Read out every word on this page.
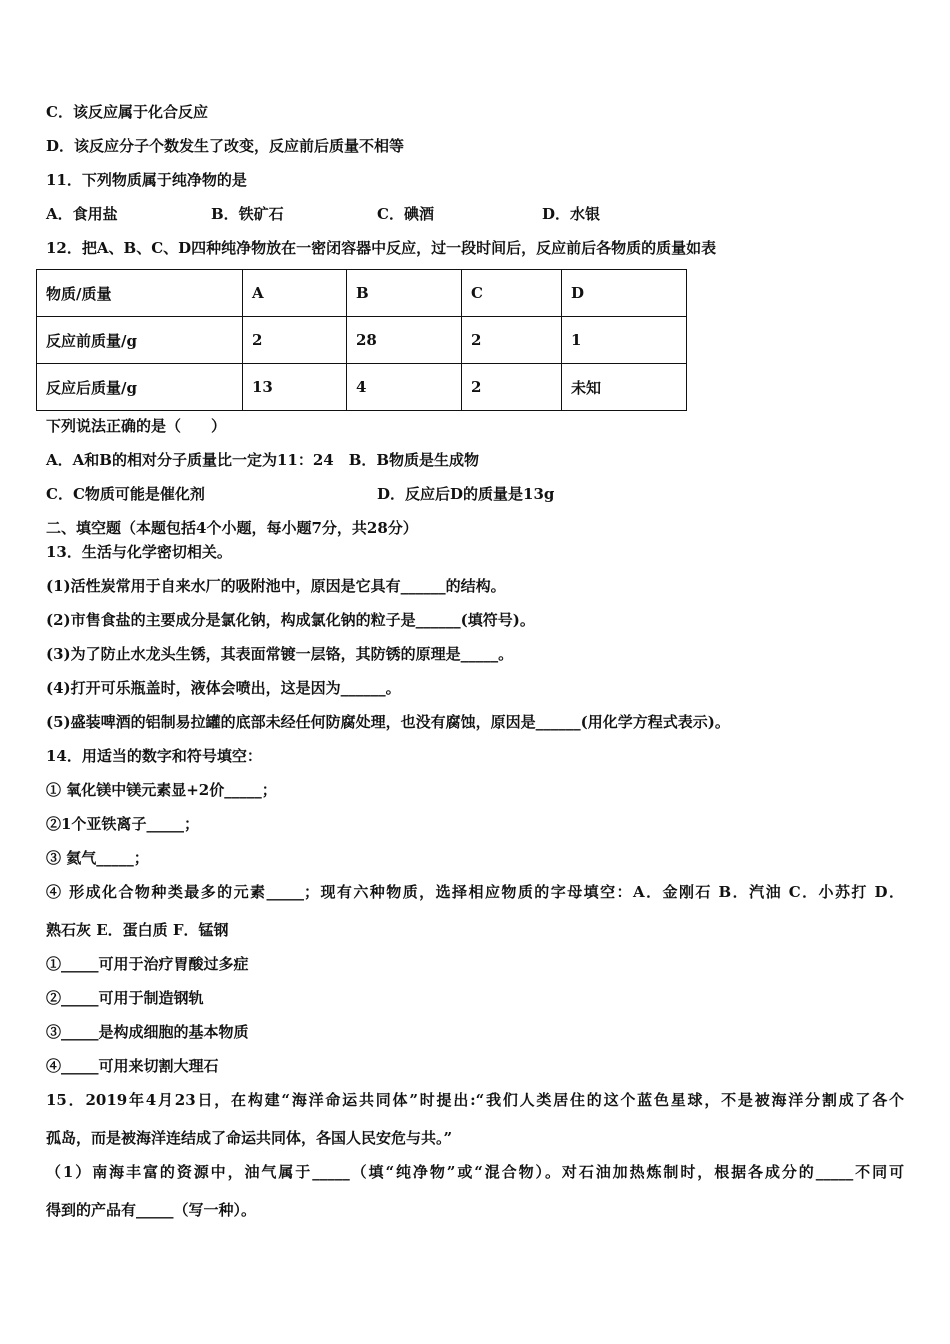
C．该反应属于化合反应
D．该反应分子个数发生了改变，反应前后质量不相等
11．下列物质属于纯净物的是
A．食用盐	B．铁矿石	C．碘酒	D．水银
12．把A、B、C、D四种纯净物放在一密闭容器中反应，过一段时间后，反应前后各物质的质量如表
物质/质量	A	B	C	D
反应前质量/g	2	28	2	1
反应后质量/g	13	4	2	未知
下列说法正确的是（　　）
A．A和B的相对分子质量比一定为11：24　B．B物质是生成物
C．C物质可能是催化剂	D．反应后D的质量是13g
二、填空题（本题包括4个小题，每小题7分，共28分）
13．生活与化学密切相关。
(1)活性炭常用于自来水厂的吸附池中，原因是它具有______的结构。
(2)市售食盐的主要成分是氯化钠，构成氯化钠的粒子是______(填符号)。
(3)为了防止水龙头生锈，其表面常镀一层铬，其防锈的原理是_____。
(4)打开可乐瓶盖时，液体会喷出，这是因为______。
(5)盛装啤酒的铝制易拉罐的底部未经任何防腐处理，也没有腐蚀，原因是______(用化学方程式表示)。
14．用适当的数字和符号填空：
① 氧化镁中镁元素显+2价_____；
②1个亚铁离子_____；
③ 氦气_____；
④ 形成化合物种类最多的元素_____；现有六种物质，选择相应物质的字母填空：A．金刚石 B．汽油 C．小苏打 D．
熟石灰 E．蛋白质 F．锰钢
①_____可用于治疗胃酸过多症
②_____可用于制造钢轨
③_____是构成细胞的基本物质
④_____可用来切割大理石
15．2019年4月23日，在构建“海洋命运共同体”时提出:“我们人类居住的这个蓝色星球，不是被海洋分割成了各个
孤岛，而是被海洋连结成了命运共同体，各国人民安危与共。”
（1）南海丰富的资源中，油气属于_____（填“纯净物”或“混合物）。对石油加热炼制时，根据各成分的_____不同可
得到的产品有_____（写一种）。
